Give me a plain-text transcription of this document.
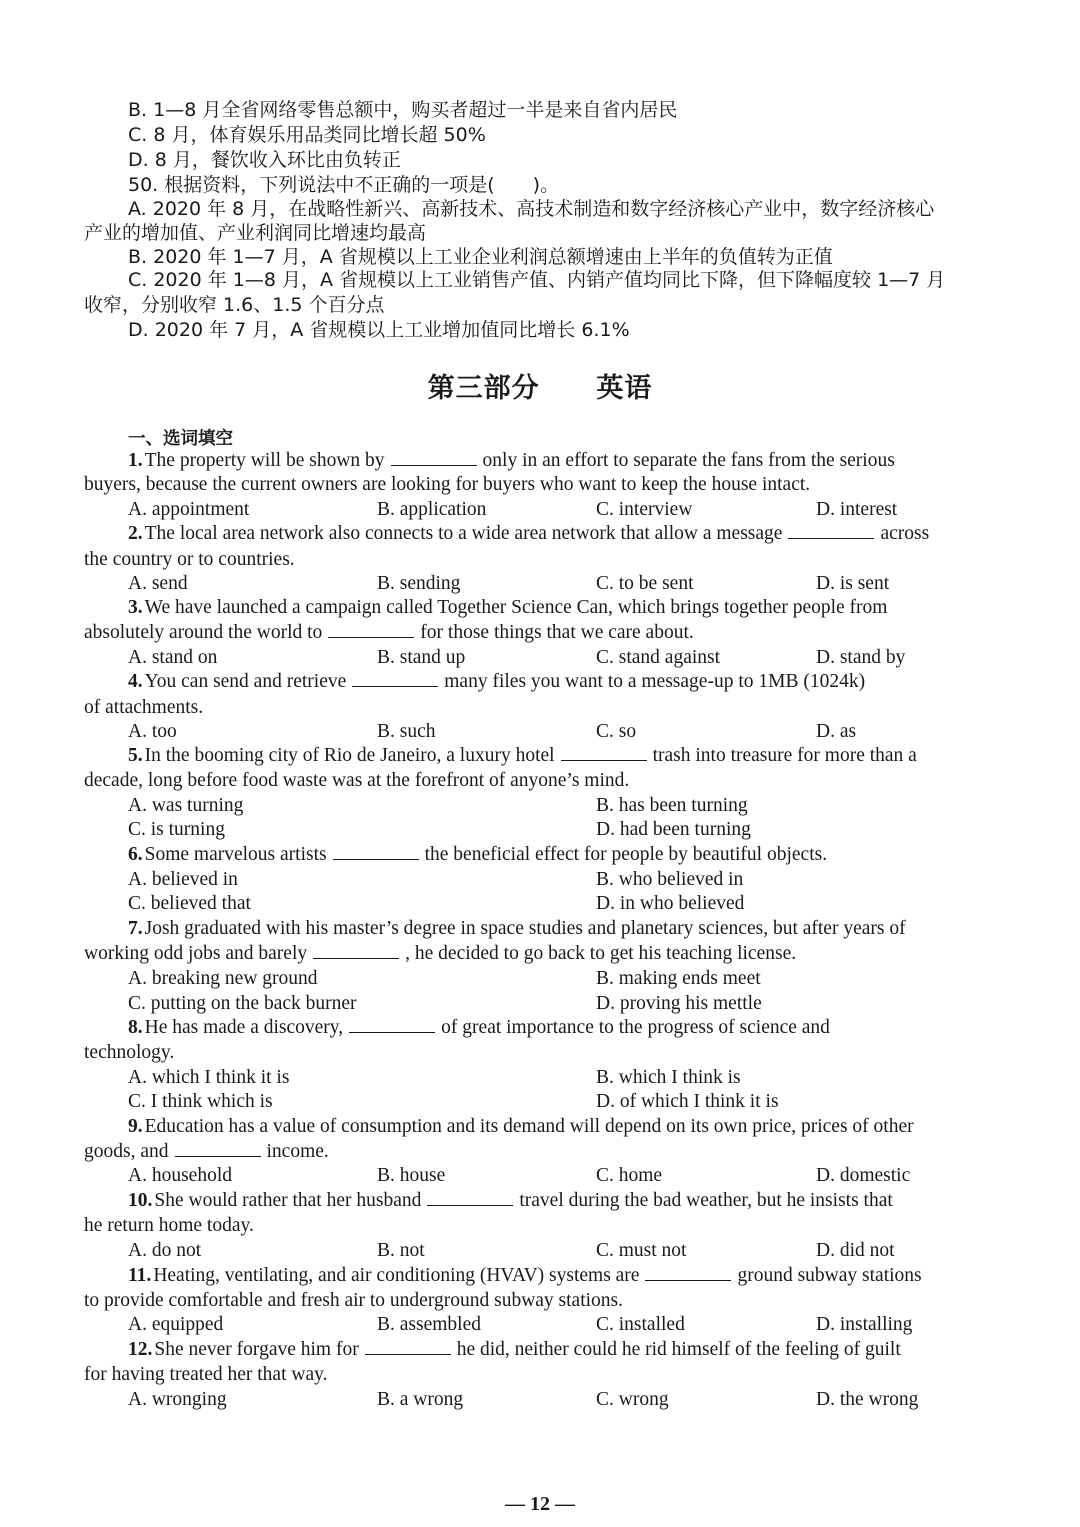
B. 1—8 月全省网络零售总额中，购买者超过一半是来自省内居民
C. 8 月，体育娱乐用品类同比增长超 50%
D. 8 月，餐饮收入环比由负转正
50. 根据资料，下列说法中不正确的一项是(　　)。
A. 2020 年 8 月，在战略性新兴、高新技术、高技术制造和数字经济核心产业中，数字经济核心
产业的增加值、产业利润同比增速均最高
B. 2020 年 1—7 月，A 省规模以上工业企业利润总额增速由上半年的负值转为正值
C. 2020 年 1—8 月，A 省规模以上工业销售产值、内销产值均同比下降，但下降幅度较 1—7 月
收窄，分别收窄 1.6、1.5 个百分点
D. 2020 年 7 月，A 省规模以上工业增加值同比增长 6.1%
第三部分 英语
一、选词填空
1. The property will be shown by	only in an effort to separate the fans from the serious
buyers, because the current owners are looking for buyers who want to keep the house intact.
A. appointment	B. application	C. interview	D. interest
2. The local area network also connects to a wide area network that allow a message	across
the country or to countries.
A. send	B. sending	C. to be sent	D. is sent
3. We have launched a campaign called Together Science Can, which brings together people from
absolutely around the world to	for those things that we care about.
A. stand on	B. stand up	C. stand against	D. stand by
4. You can send and retrieve	many files you want to a message-up to 1MB (1024k)
of attachments.
A. too	B. such	C. so	D. as
5. In the booming city of Rio de Janeiro, a luxury hotel	trash into treasure for more than a
decade, long before food waste was at the forefront of anyone’s mind.
A. was turning	B. has been turning
C. is turning	D. had been turning
6. Some marvelous artists	the beneficial effect for people by beautiful objects.
A. believed in	B. who believed in
C. believed that	D. in who believed
7. Josh graduated with his master’s degree in space studies and planetary sciences, but after years of
working odd jobs and barely	, he decided to go back to get his teaching license.
A. breaking new ground	B. making ends meet
C. putting on the back burner	D. proving his mettle
8. He has made a discovery,	of great importance to the progress of science and
technology.
A. which I think it is	B. which I think is
C. I think which is	D. of which I think it is
9. Education has a value of consumption and its demand will depend on its own price, prices of other
goods, and	income.
A. household	B. house	C. home	D. domestic
10. She would rather that her husband	travel during the bad weather, but he insists that
he return home today.
A. do not	B. not	C. must not	D. did not
11. Heating, ventilating, and air conditioning (HVAV) systems are	ground subway stations
to provide comfortable and fresh air to underground subway stations.
A. equipped	B. assembled	C. installed	D. installing
12. She never forgave him for	he did, neither could he rid himself of the feeling of guilt
for having treated her that way.
A. wronging	B. a wrong	C. wrong	D. the wrong
— 12 —
